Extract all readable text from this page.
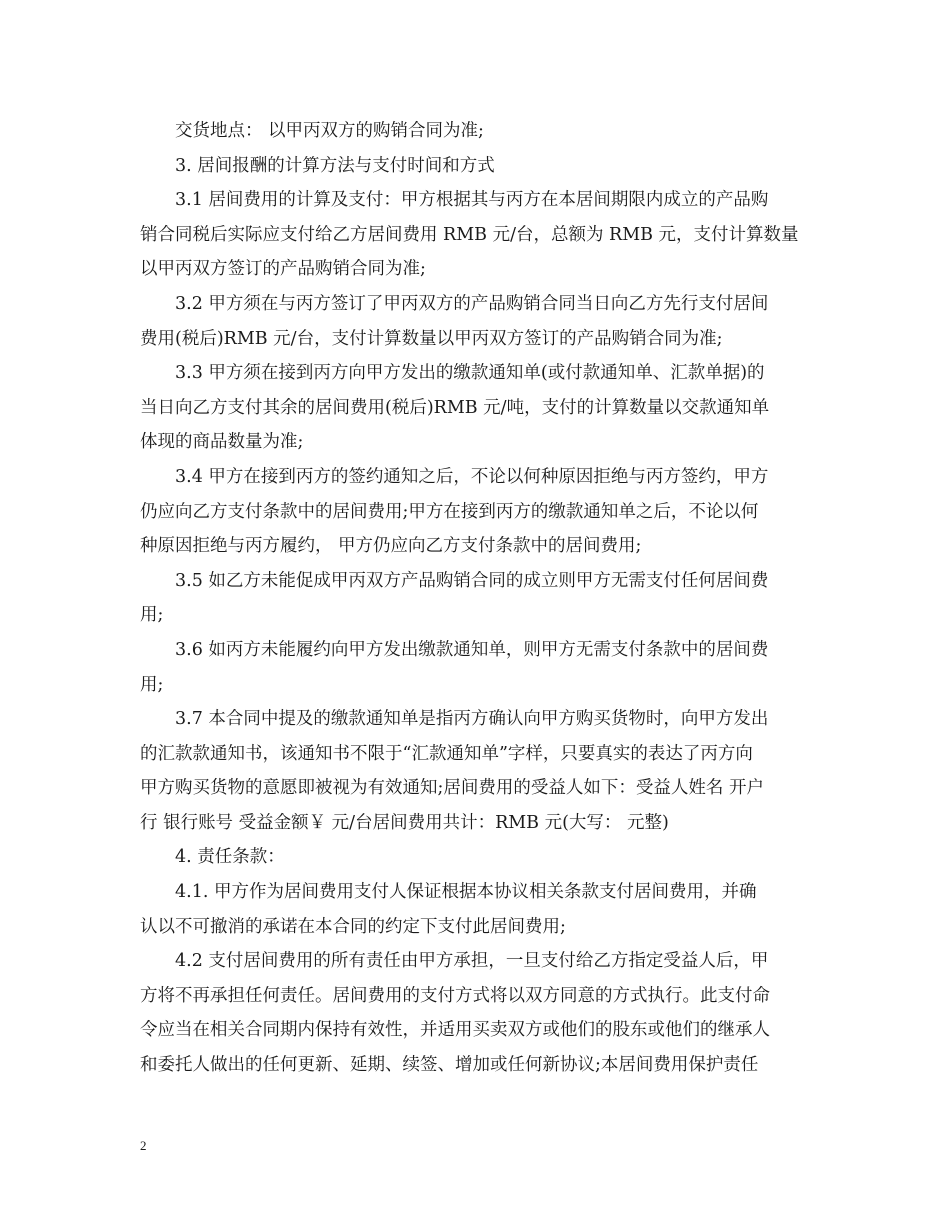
交货地点： 以甲丙双方的购销合同为准;
3. 居间报酬的计算方法与支付时间和方式
3.1 居间费用的计算及支付：甲方根据其与丙方在本居间期限内成立的产品购
销合同税后实际应支付给乙方居间费用 RMB 元/台，总额为 RMB 元，支付计算数量
以甲丙双方签订的产品购销合同为准;
3.2 甲方须在与丙方签订了甲丙双方的产品购销合同当日向乙方先行支付居间
费用(税后)RMB 元/台，支付计算数量以甲丙双方签订的产品购销合同为准;
3.3 甲方须在接到丙方向甲方发出的缴款通知单(或付款通知单、汇款单据)的
当日向乙方支付其余的居间费用(税后)RMB 元/吨，支付的计算数量以交款通知单
体现的商品数量为准;
3.4 甲方在接到丙方的签约通知之后，不论以何种原因拒绝与丙方签约，甲方
仍应向乙方支付条款中的居间费用;甲方在接到丙方的缴款通知单之后，不论以何
种原因拒绝与丙方履约， 甲方仍应向乙方支付条款中的居间费用;
3.5 如乙方未能促成甲丙双方产品购销合同的成立则甲方无需支付任何居间费
用;
3.6 如丙方未能履约向甲方发出缴款通知单，则甲方无需支付条款中的居间费
用;
3.7 本合同中提及的缴款通知单是指丙方确认向甲方购买货物时，向甲方发出
的汇款款通知书，该通知书不限于“汇款通知单”字样，只要真实的表达了丙方向
甲方购买货物的意愿即被视为有效通知;居间费用的受益人如下：受益人姓名 开户
行 银行账号 受益金额￥ 元/台居间费用共计：RMB 元(大写： 元整)
4. 责任条款：
4.1. 甲方作为居间费用支付人保证根据本协议相关条款支付居间费用，并确
认以不可撤消的承诺在本合同的约定下支付此居间费用;
4.2 支付居间费用的所有责任由甲方承担，一旦支付给乙方指定受益人后，甲
方将不再承担任何责任。居间费用的支付方式将以双方同意的方式执行。此支付命
令应当在相关合同期内保持有效性，并适用买卖双方或他们的股东或他们的继承人
和委托人做出的任何更新、延期、续签、增加或任何新协议;本居间费用保护责任
2
